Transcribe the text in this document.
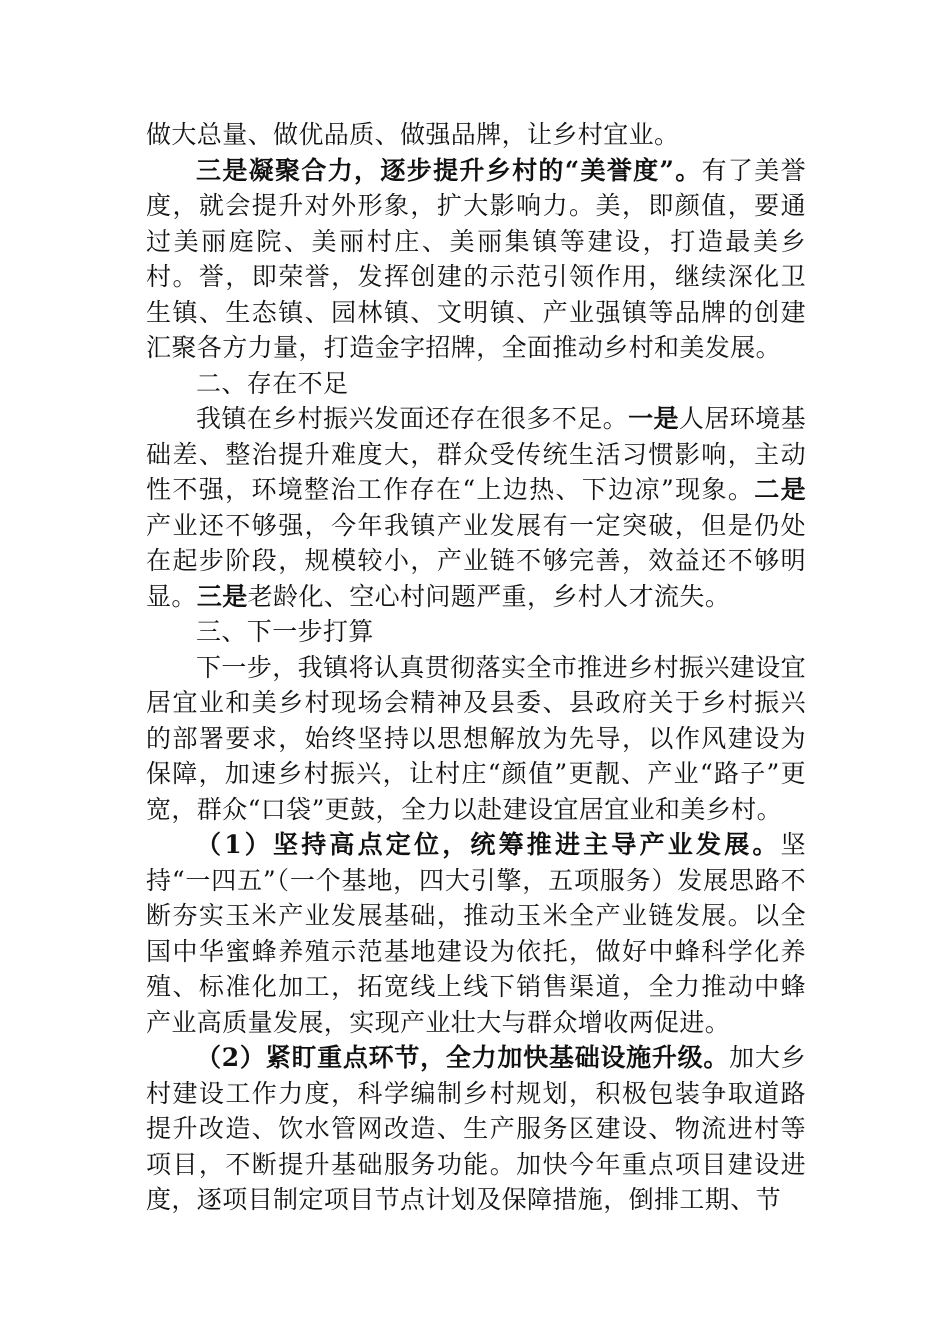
做大总量、做优品质、做强品牌，让乡村宜业。

三是凝聚合力，逐步提升乡村的“美誉度”。有了美誉度，就会提升对外形象，扩大影响力。美，即颜值，要通过美丽庭院、美丽村庄、美丽集镇等建设，打造最美乡村。誉，即荣誉，发挥创建的示范引领作用，继续深化卫生镇、生态镇、园林镇、文明镇、产业强镇等品牌的创建汇聚各方力量，打造金字招牌，全面推动乡村和美发展。

二、存在不足

我镇在乡村振兴发面还存在很多不足。一是人居环境基础差、整治提升难度大，群众受传统生活习惯影响，主动性不强，环境整治工作存在“上边热、下边凉”现象。二是产业还不够强，今年我镇产业发展有一定突破，但是仍处在起步阶段，规模较小，产业链不够完善，效益还不够明显。三是老龄化、空心村问题严重，乡村人才流失。

三、下一步打算

下一步，我镇将认真贯彻落实全市推进乡村振兴建设宜居宜业和美乡村现场会精神及县委、县政府关于乡村振兴的部署要求，始终坚持以思想解放为先导，以作风建设为保障，加速乡村振兴，让村庄“颜值”更靓、产业“路子”更宽，群众“口袋”更鼓，全力以赴建设宜居宜业和美乡村。

（1）坚持高点定位，统筹推进主导产业发展。坚持“一四五”（一个基地，四大引擎，五项服务）发展思路不断夯实玉米产业发展基础，推动玉米全产业链发展。以全国中华蜜蜂养殖示范基地建设为依托，做好中蜂科学化养殖、标准化加工，拓宽线上线下销售渠道，全力推动中蜂产业高质量发展，实现产业壮大与群众增收两促进。

（2）紧盯重点环节，全力加快基础设施升级。加大乡村建设工作力度，科学编制乡村规划，积极包装争取道路提升改造、饮水管网改造、生产服务区建设、物流进村等项目，不断提升基础服务功能。加快今年重点项目建设进度，逐项目制定项目节点计划及保障措施，倒排工期、节
